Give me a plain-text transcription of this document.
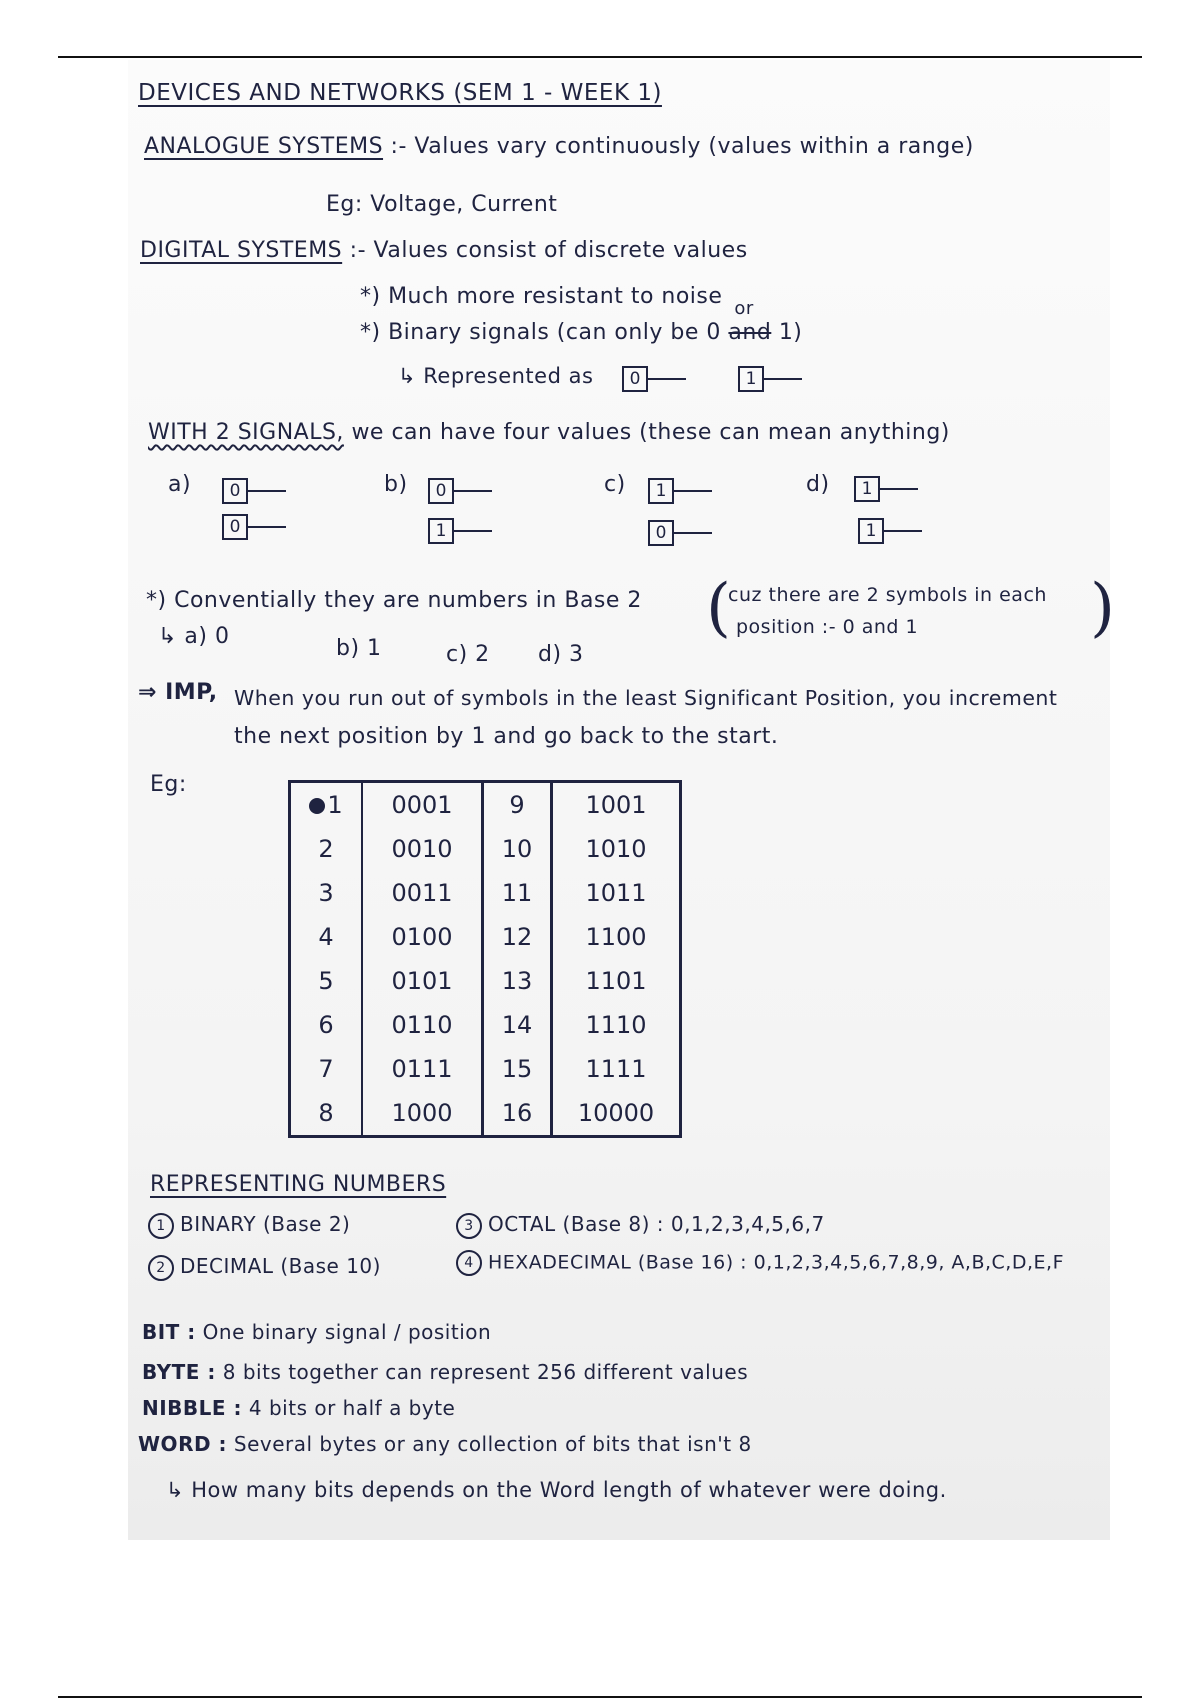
DEVICES AND NETWORKS (SEM 1 - WEEK 1)
ANALOGUE SYSTEMS :- Values vary continuously (values within a range)
Eg: Voltage, Current
DIGITAL SYSTEMS :- Values consist of discrete values
*) Much more resistant to noise
*) Binary signals (can only be 0
or
and 1)
↳ Represented as	0	1
WITH 2 SIGNALS, we can have four values (these can mean anything)
a)	0
0
b)	0
1
c)	1
0
d)	1
1
*) Conventially they are numbers in Base 2 (
cuz there are 2 symbols in each
position :- 0 and 1	)
↳ a) 0	b) 1	c) 2 d) 3
⇒ IMP, When you run out of symbols in the least Significant Position, you increment
the next position by 1 and go back to the start.
Eg:
1	0001	9	1001
2	0010	10	1010
3	0011	11	1011
4	0100	12	1100
5	0101	13	1101
6	0110	14	1110
7	0111	15	1111
8	1000	16	10000
REPRESENTING NUMBERS
1 BINARY (Base 2)
2 DECIMAL (Base 10)
3 OCTAL (Base 8) : 0,1,2,3,4,5,6,7
4 HEXADECIMAL (Base 16) : 0,1,2,3,4,5,6,7,8,9, A,B,C,D,E,F
BIT : One binary signal / position
BYTE : 8 bits together can represent 256 different values
NIBBLE : 4 bits or half a byte
WORD : Several bytes or any collection of bits that isn't 8
↳ How many bits depends on the Word length of whatever were doing.
